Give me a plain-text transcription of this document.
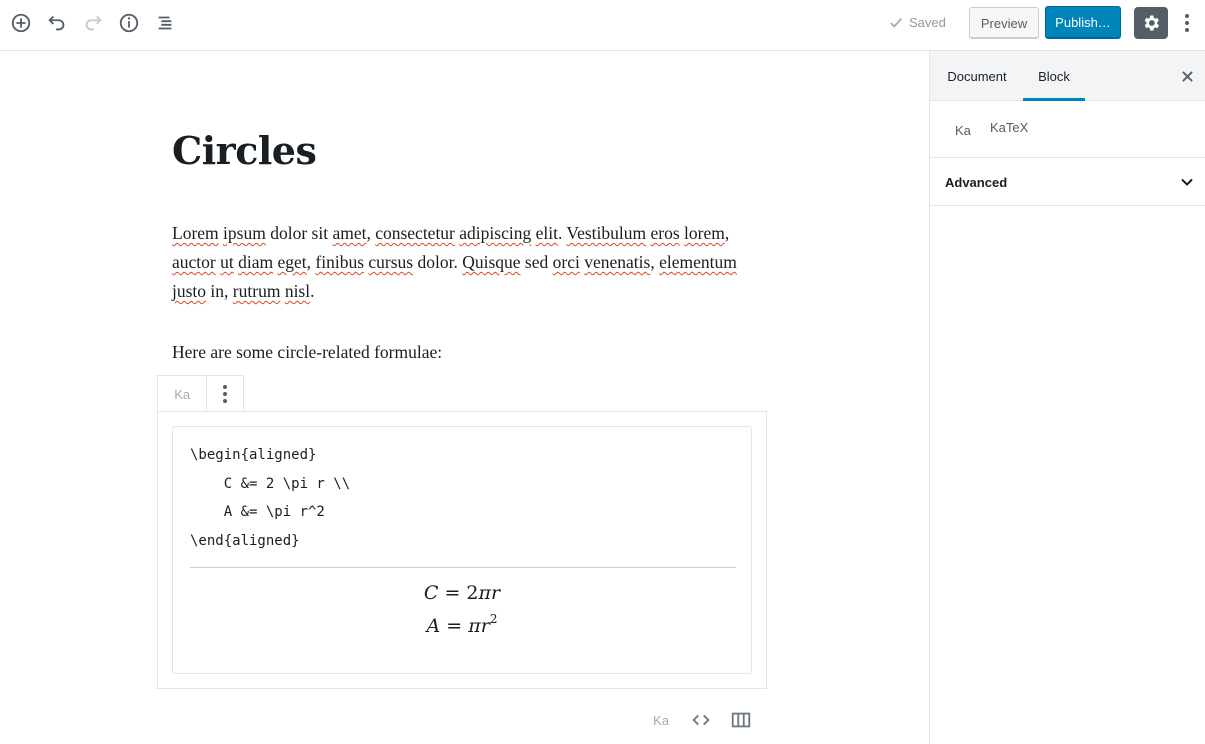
Saved	Preview	Publish…
Document	Block
Ka KaTeX
Advanced
Circles
Lorem ipsum dolor sit amet, consectetur adipiscing elit. Vestibulum eros lorem, auctor ut diam eget, finibus cursus dolor. Quisque sed orci venenatis, elementum justo in, rutrum nisl.
Here are some circle-related formulae:
Ka
\begin{aligned}
C &= 2 \pi r \\
A &= \pi r^2
\end{aligned}
C = 2πr
$A = \pi r^2$
Ka
